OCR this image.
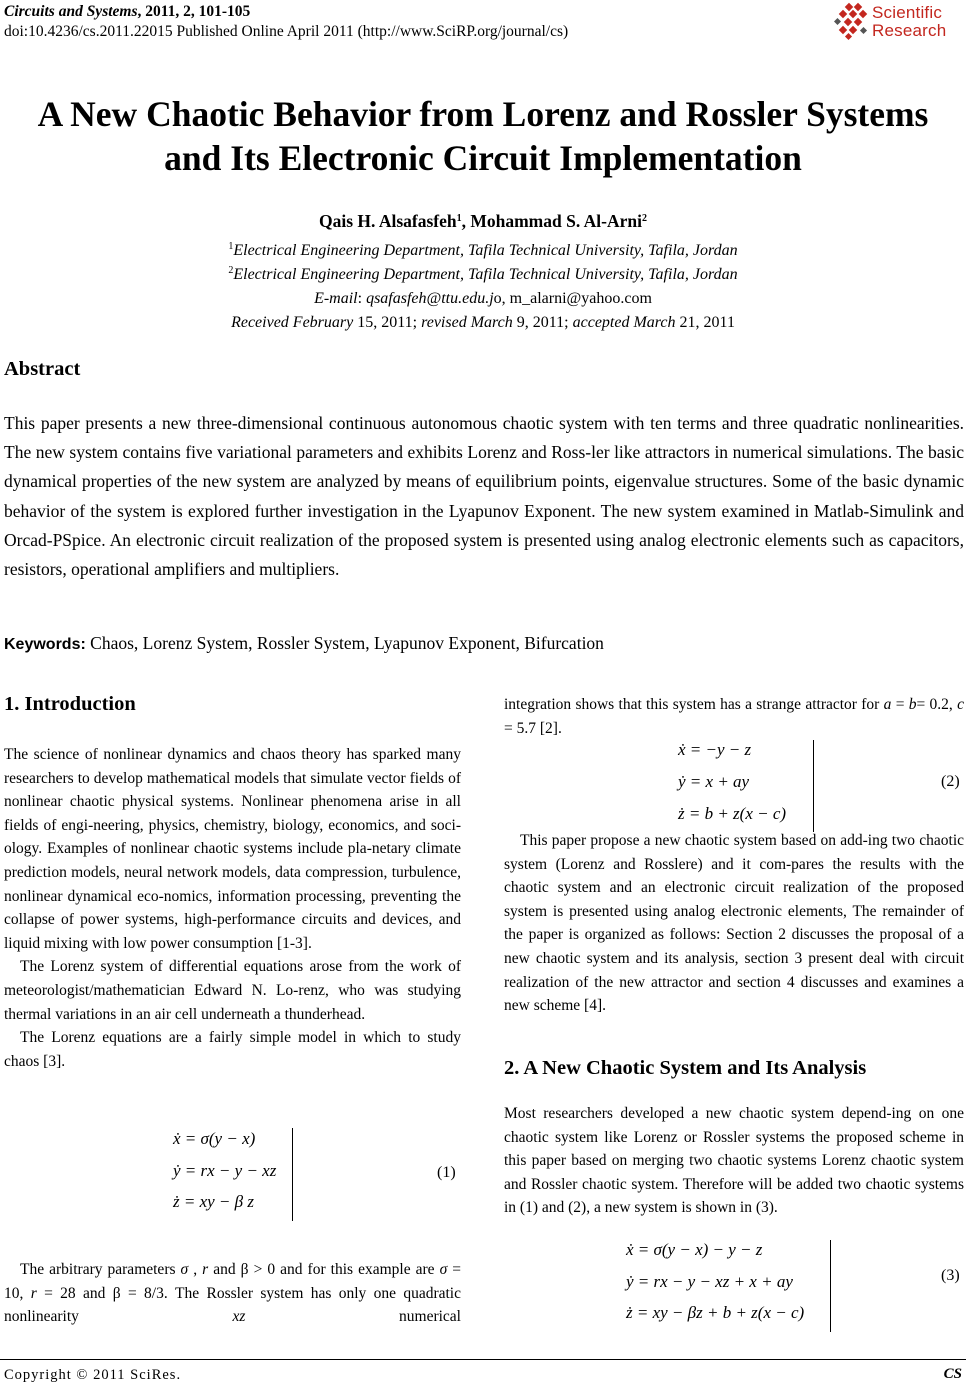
Circuits and Systems, 2011, 2, 101-105
doi:10.4236/cs.2011.22015 Published Online April 2011 (http://www.SciRP.org/journal/cs)
Scientific
Research
A New Chaotic Behavior from Lorenz and Rossler Systems
and Its Electronic Circuit Implementation
Qais H. Alsafasfeh$^1$, Mohammad S. Al-Arni$^2$
$^1$Electrical Engineering Department, Tafila Technical University, Tafila, Jordan
$^2$Electrical Engineering Department, Tafila Technical University, Tafila, Jordan
E-mail: qsafasfeh@ttu.edu.jo, m_alarni@yahoo.com
Received February 15, 2011; revised March 9, 2011; accepted March 21, 2011
Abstract

This paper presents a new three-dimensional continuous autonomous chaotic system with ten terms and three quadratic nonlinearities. The new system contains five variational parameters and exhibits Lorenz and Ross-ler like attractors in numerical simulations. The basic dynamical properties of the new system are analyzed by means of equilibrium points, eigenvalue structures. Some of the basic dynamic behavior of the system is explored further investigation in the Lyapunov Exponent. The new system examined in Matlab-Simulink and Orcad-PSpice. An electronic circuit realization of the proposed system is presented using analog electronic elements such as capacitors, resistors, operational amplifiers and multipliers.

Keywords: Chaos, Lorenz System, Rossler System, Lyapunov Exponent, Bifurcation
1. Introduction

The science of nonlinear dynamics and chaos theory has sparked many researchers to develop mathematical models that simulate vector fields of nonlinear chaotic physical systems. Nonlinear phenomena arise in all fields of engi-neering, physics, chemistry, biology, economics, and soci-ology. Examples of nonlinear chaotic systems include pla-netary climate prediction models, neural network models, data compression, turbulence, nonlinear dynamical eco-nomics, information processing, preventing the collapse of power systems, high-performance circuits and devices, and liquid mixing with low power consumption [1-3].

The Lorenz system of differential equations arose from the work of meteorologist/mathematician Edward N. Lo-renz, who was studying thermal variations in an air cell underneath a thunderhead.

The Lorenz equations are a fairly simple model in which to study chaos [3].

ẋ = σ(y − x)
ẏ = rx − y − xz
ż = xy − β z
(1)

The arbitrary parameters σ , r and β > 0 and for this example are σ = 10, r = 28 and β = 8/3. The Rossler system has only one quadratic nonlinearity xz numerical

integration shows that this system has a strange attractor for a = b= 0.2, c = 5.7 [2].

ẋ = −y − z
ẏ = x + ay
ż = b + z(x − c)
(2)

This paper propose a new chaotic system based on add-ing two chaotic system (Lorenz and Rosslere) and it com-pares the results with the chaotic system and an electronic circuit realization of the proposed system is presented using analog electronic elements, The remainder of the paper is organized as follows: Section 2 discusses the proposal of a new chaotic system and its analysis, section 3 present deal with circuit realization of the new attractor and section 4 discusses and examines a new scheme [4].

2. A New Chaotic System and Its Analysis

Most researchers developed a new chaotic system depend-ing on one chaotic system like Lorenz or Rossler systems the proposed scheme in this paper based on merging two chaotic systems Lorenz chaotic system and Rossler chaotic system. Therefore will be added two chaotic systems in (1) and (2), a new system is shown in (3).

ẋ = σ(y − x) − y − z
ẏ = rx − y − xz + x + ay
ż = xy − βz + b + z(x − c)
(3)
Copyright © 2011 SciRes.	CS
